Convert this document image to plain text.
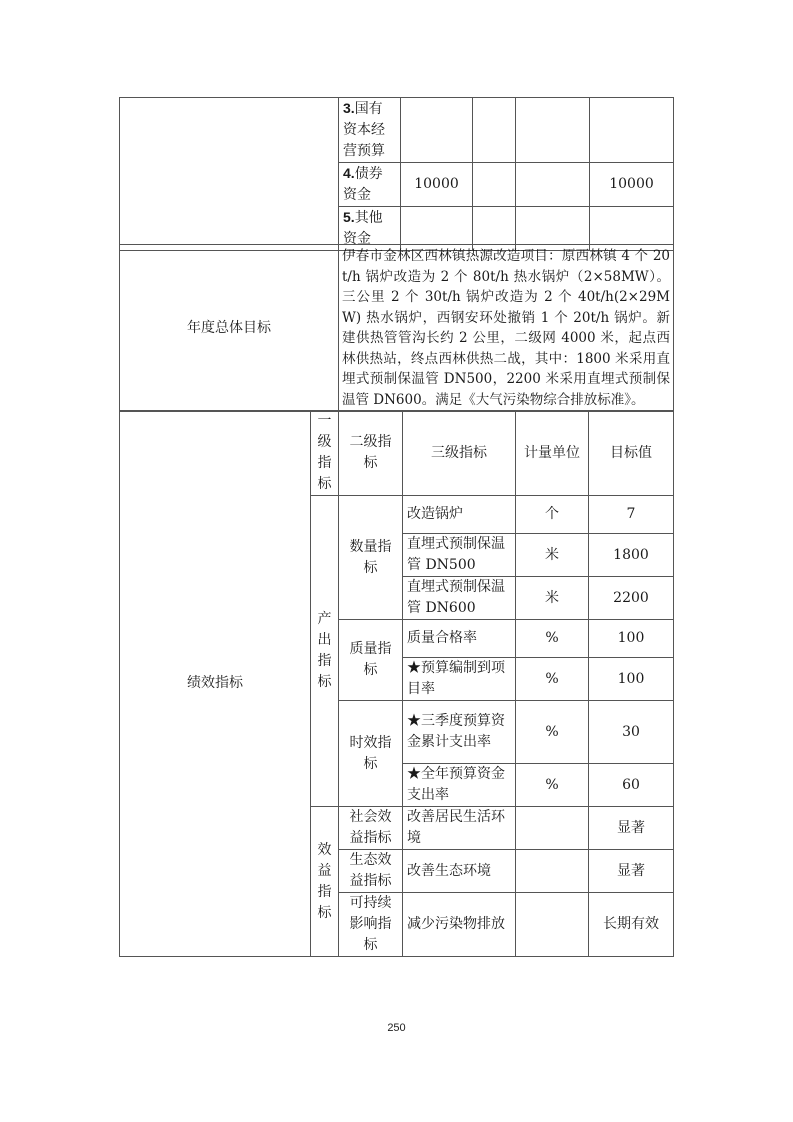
	3.国有资本经营预算				
	4.债券资金	10000			10000
	5.其他资金				
年度总体目标	伊春市金林区西林镇热源改造项目：原西林镇 4 个 20t/h 锅炉改造为 2 个 80t/h 热水锅炉（2×58MW）。三公里 2 个 30t/h 锅炉改造为 2 个 40t/h(2×29MW) 热水锅炉，西钢安环处撤销 1 个 20t/h 锅炉。新建供热管管沟长约 2 公里，二级网 4000 米，起点西林供热站，终点西林供热二战，其中：1800 米采用直埋式预制保温管 DN500，2200 米采用直埋式预制保温管 DN600。满足《大气污染物综合排放标准》。
绩效指标	一级指标	二级指标	三级指标	计量单位	目标值
	产出指标	数量指标	改造锅炉	个	7
			直埋式预制保温管 DN500	米	1800
			直埋式预制保温管 DN600	米	2200
		质量指标	质量合格率	%	100
			★预算编制到项目率	%	100
		时效指标	★三季度预算资金累计支出率	%	30
			★全年预算资金支出率	%	60
	效益指标	社会效益指标	改善居民生活环境		显著
		生态效益指标	改善生态环境		显著
		可持续影响指标	减少污染物排放		长期有效
250
